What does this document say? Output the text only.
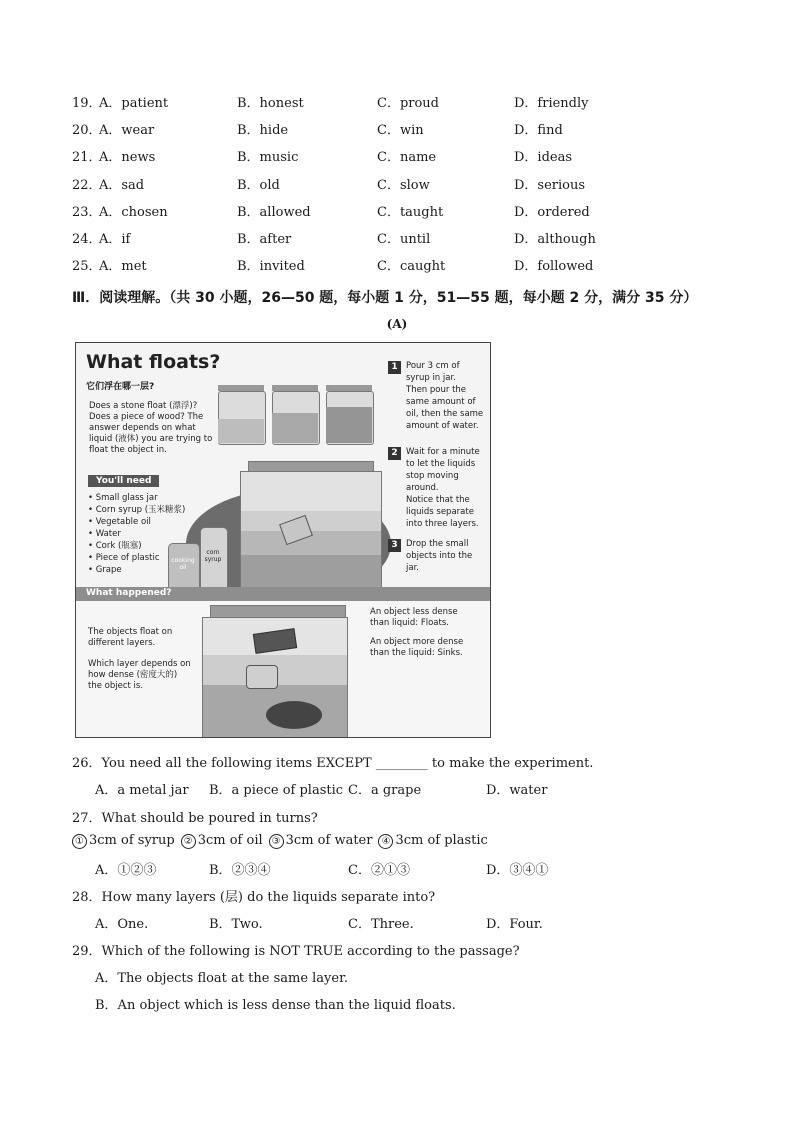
19．
A．patient	B．honest	C．proud	D．friendly
20．
A．wear	B．hide	C．win	D．find
21．
A．news	B．music	C．name	D．ideas
22．
A．sad	B．old	C．slow	D．serious
23．
A．chosen	B．allowed	C．taught	D．ordered
24．
A．if	B．after	C．until	D．although
25．
A．met	B．invited	C．caught	D．followed
Ⅲ．阅读理解。（共 30 小题，26—50 题，每小题 1 分，51—55 题，每小题 2 分，满分 35 分）
(A)
What floats?
它们浮在哪一层?
Does a stone float (漂浮)?
Does a piece of wood? The
answer depends on what
liquid (液体) you are trying to
float the object in.
You'll need
• Small glass jar
• Corn syrup (玉米糖浆)
• Vegetable oil
• Water
• Cork (瓶塞)
• Piece of plastic
• Grape
cooking oil
corn syrup
1 Pour 3 cm of
syrup in jar.
Then pour the
same amount of
oil, then the same
amount of water.
2 Wait for a minute
to let the liquids
stop moving
around.
Notice that the
liquids separate
into three layers.
3 Drop the small
objects into the
jar.
What happened?
The objects float on
different layers.
Which layer depends on
how dense (密度大的)
the object is.
An object less dense
than liquid: Floats.
An object more dense
than the liquid: Sinks.
26．You need all the following items EXCEPT ________ to make the experiment.
A．a metal jar B．a piece of plastic C．a grape	D．water
27．What should be poured in turns?
① 3cm of syrup ② 3cm of oil ③ 3cm of water ④ 3cm of plastic
A．①②③	B．②③④	C．②①③	D．③④①
28．How many layers (层) do the liquids separate into?
A．One.	B．Two.	C．Three.	D．Four.
29．Which of the following is NOT TRUE according to the passage?
A．The objects float at the same layer.
B．An object which is less dense than the liquid floats.
